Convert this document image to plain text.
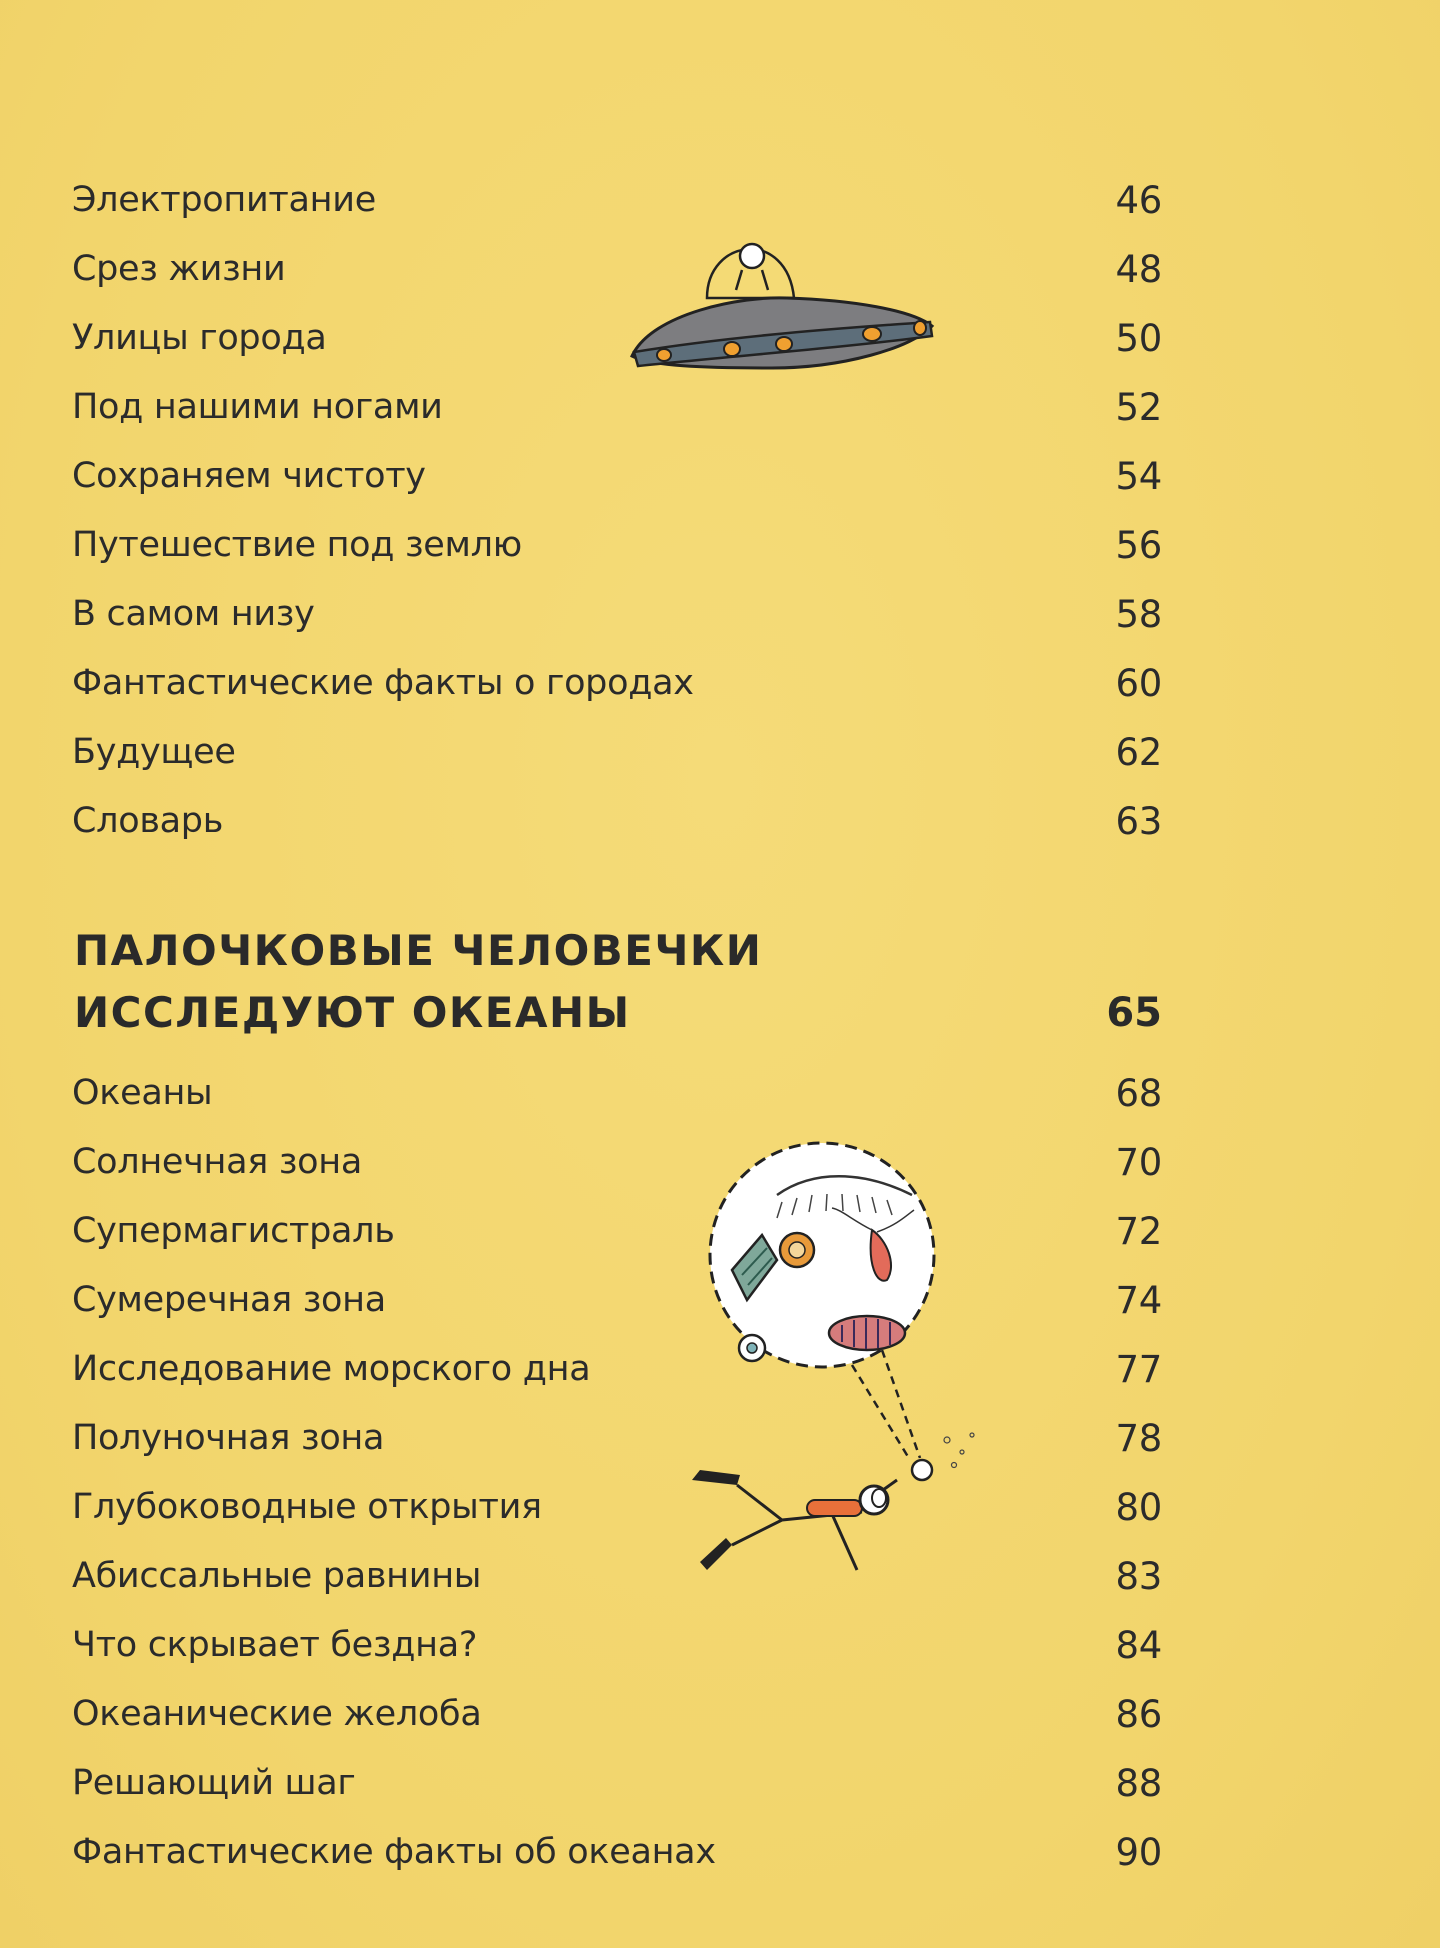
Электропитание	46
Срез жизни	48
Улицы города	50
Под нашими ногами	52
Сохраняем чистоту	54
Путешествие под землю	56
В самом низу	58
Фантастические факты о городах	60
Будущее	62
Словарь	63
ПАЛОЧКОВЫЕ ЧЕЛОВЕЧКИ
ИССЛЕДУЮТ ОКЕАНЫ	65
Океаны	68
Солнечная зона	70
Супермагистраль	72
Сумеречная зона	74
Исследование морского дна	77
Полуночная зона	78
Глубоководные открытия	80
Абиссальные равнины	83
Что скрывает бездна?	84
Океанические желоба	86
Решающий шаг	88
Фантастические факты об океанах	90
